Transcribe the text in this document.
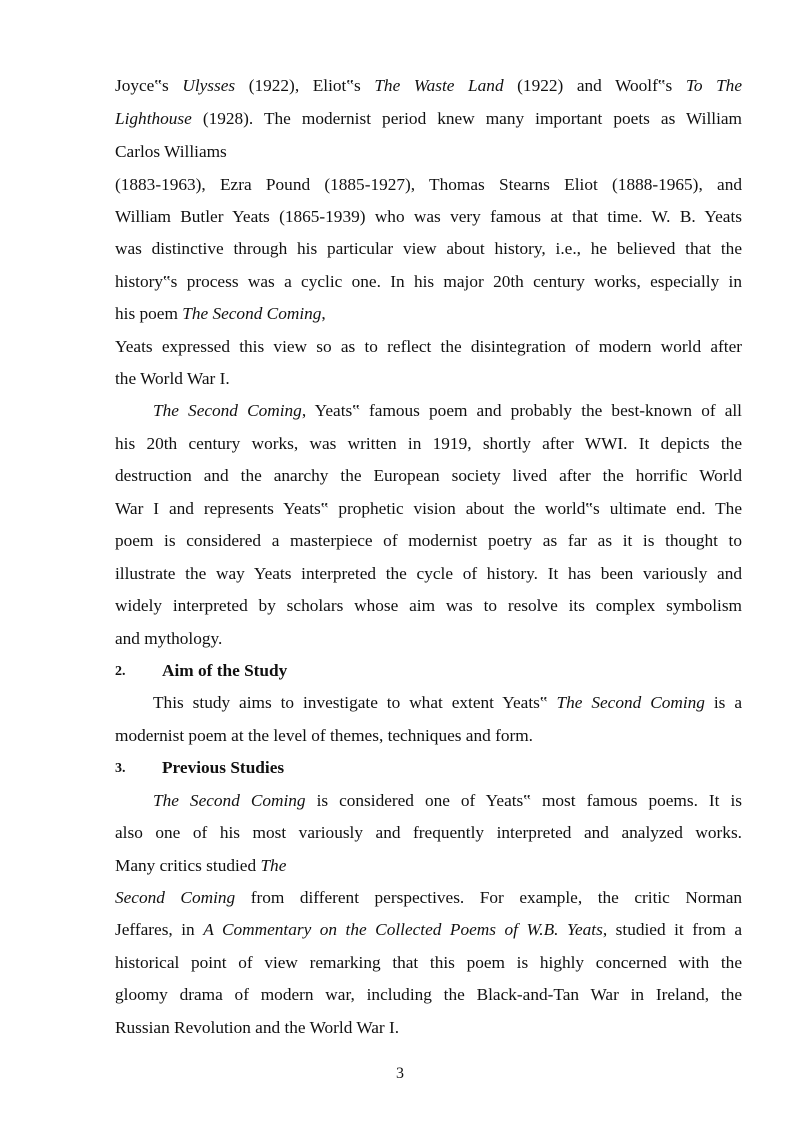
Joyce‟s Ulysses (1922), Eliot‟s The Waste Land (1922) and Woolf‟s To The
Lighthouse (1928). The modernist period knew many important poets as William
Carlos Williams
(1883-1963), Ezra Pound (1885-1927), Thomas Stearns Eliot (1888-1965), and
William Butler Yeats (1865-1939) who was very famous at that time. W. B. Yeats
was distinctive through his particular view about history, i.e., he believed that the
history‟s process was a cyclic one. In his major 20th century works, especially in
his poem The Second Coming,
Yeats expressed this view so as to reflect the disintegration of modern world after
the World War I.
The Second Coming, Yeats‟ famous poem and probably the best-known of all
his 20th century works, was written in 1919, shortly after WWI. It depicts the
destruction and the anarchy the European society lived after the horrific World
War I and represents Yeats‟ prophetic vision about the world‟s ultimate end. The
poem is considered a masterpiece of modernist poetry as far as it is thought to
illustrate the way Yeats interpreted the cycle of history. It has been variously and
widely interpreted by scholars whose aim was to resolve its complex symbolism
and mythology.
2.	Aim of the Study
This study aims to investigate to what extent Yeats‟ The Second Coming is a
modernist poem at the level of themes, techniques and form.
3.	Previous Studies
The Second Coming is considered one of Yeats‟ most famous poems. It is
also one of his most variously and frequently interpreted and analyzed works.
Many critics studied The
Second Coming from different perspectives. For example, the critic Norman
Jeffares, in A Commentary on the Collected Poems of W.B. Yeats, studied it from a
historical point of view remarking that this poem is highly concerned with the
gloomy drama of modern war, including the Black-and-Tan War in Ireland, the
Russian Revolution and the World War I.
3
